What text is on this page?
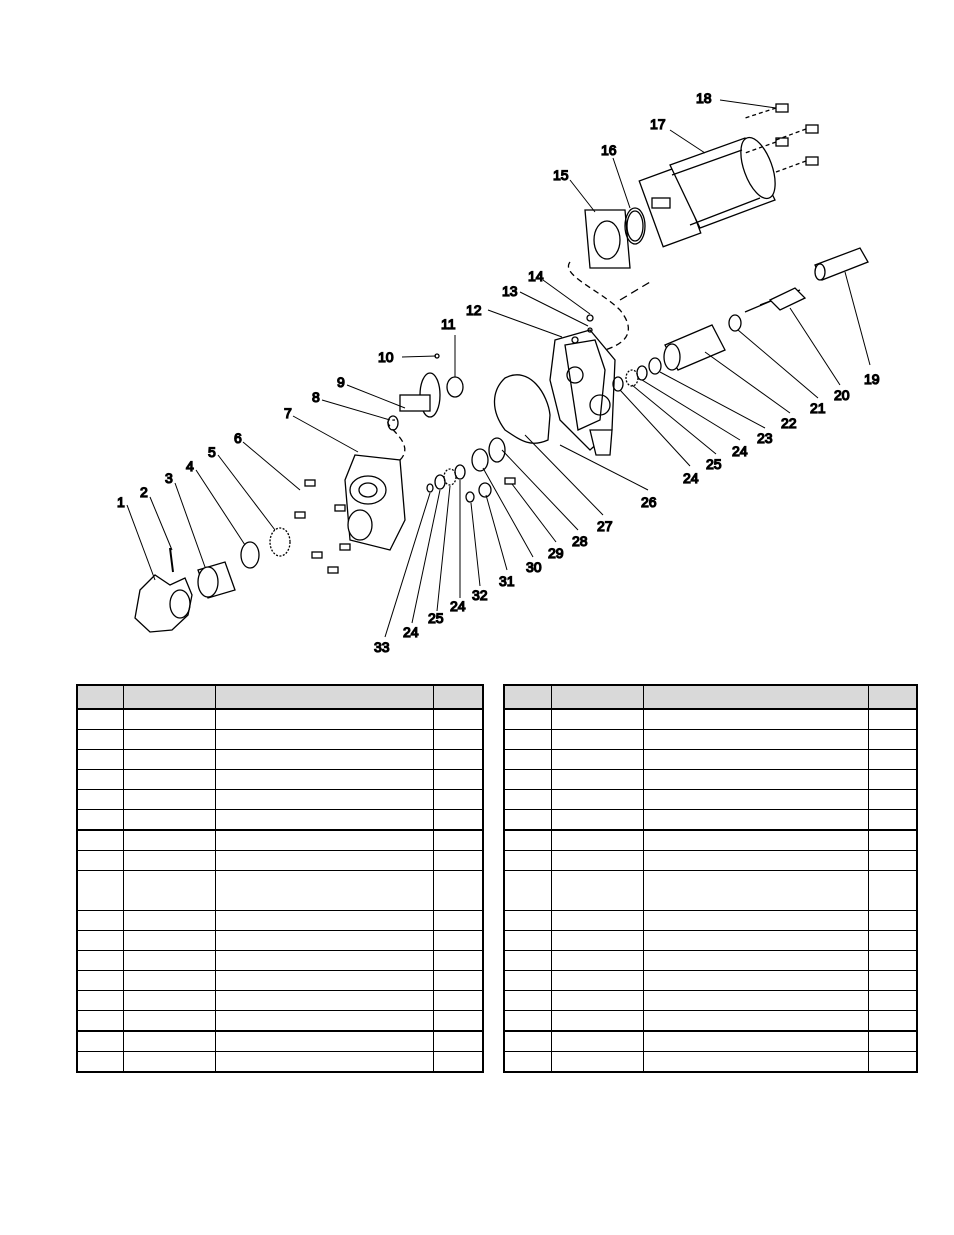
1
2
3
4
5
6
7
8
9
10
11
12
13
14
15
16
17
18
19
20
21
22
23
24
24
24
24
25
25
26
27
28
29
30
31
32
33
